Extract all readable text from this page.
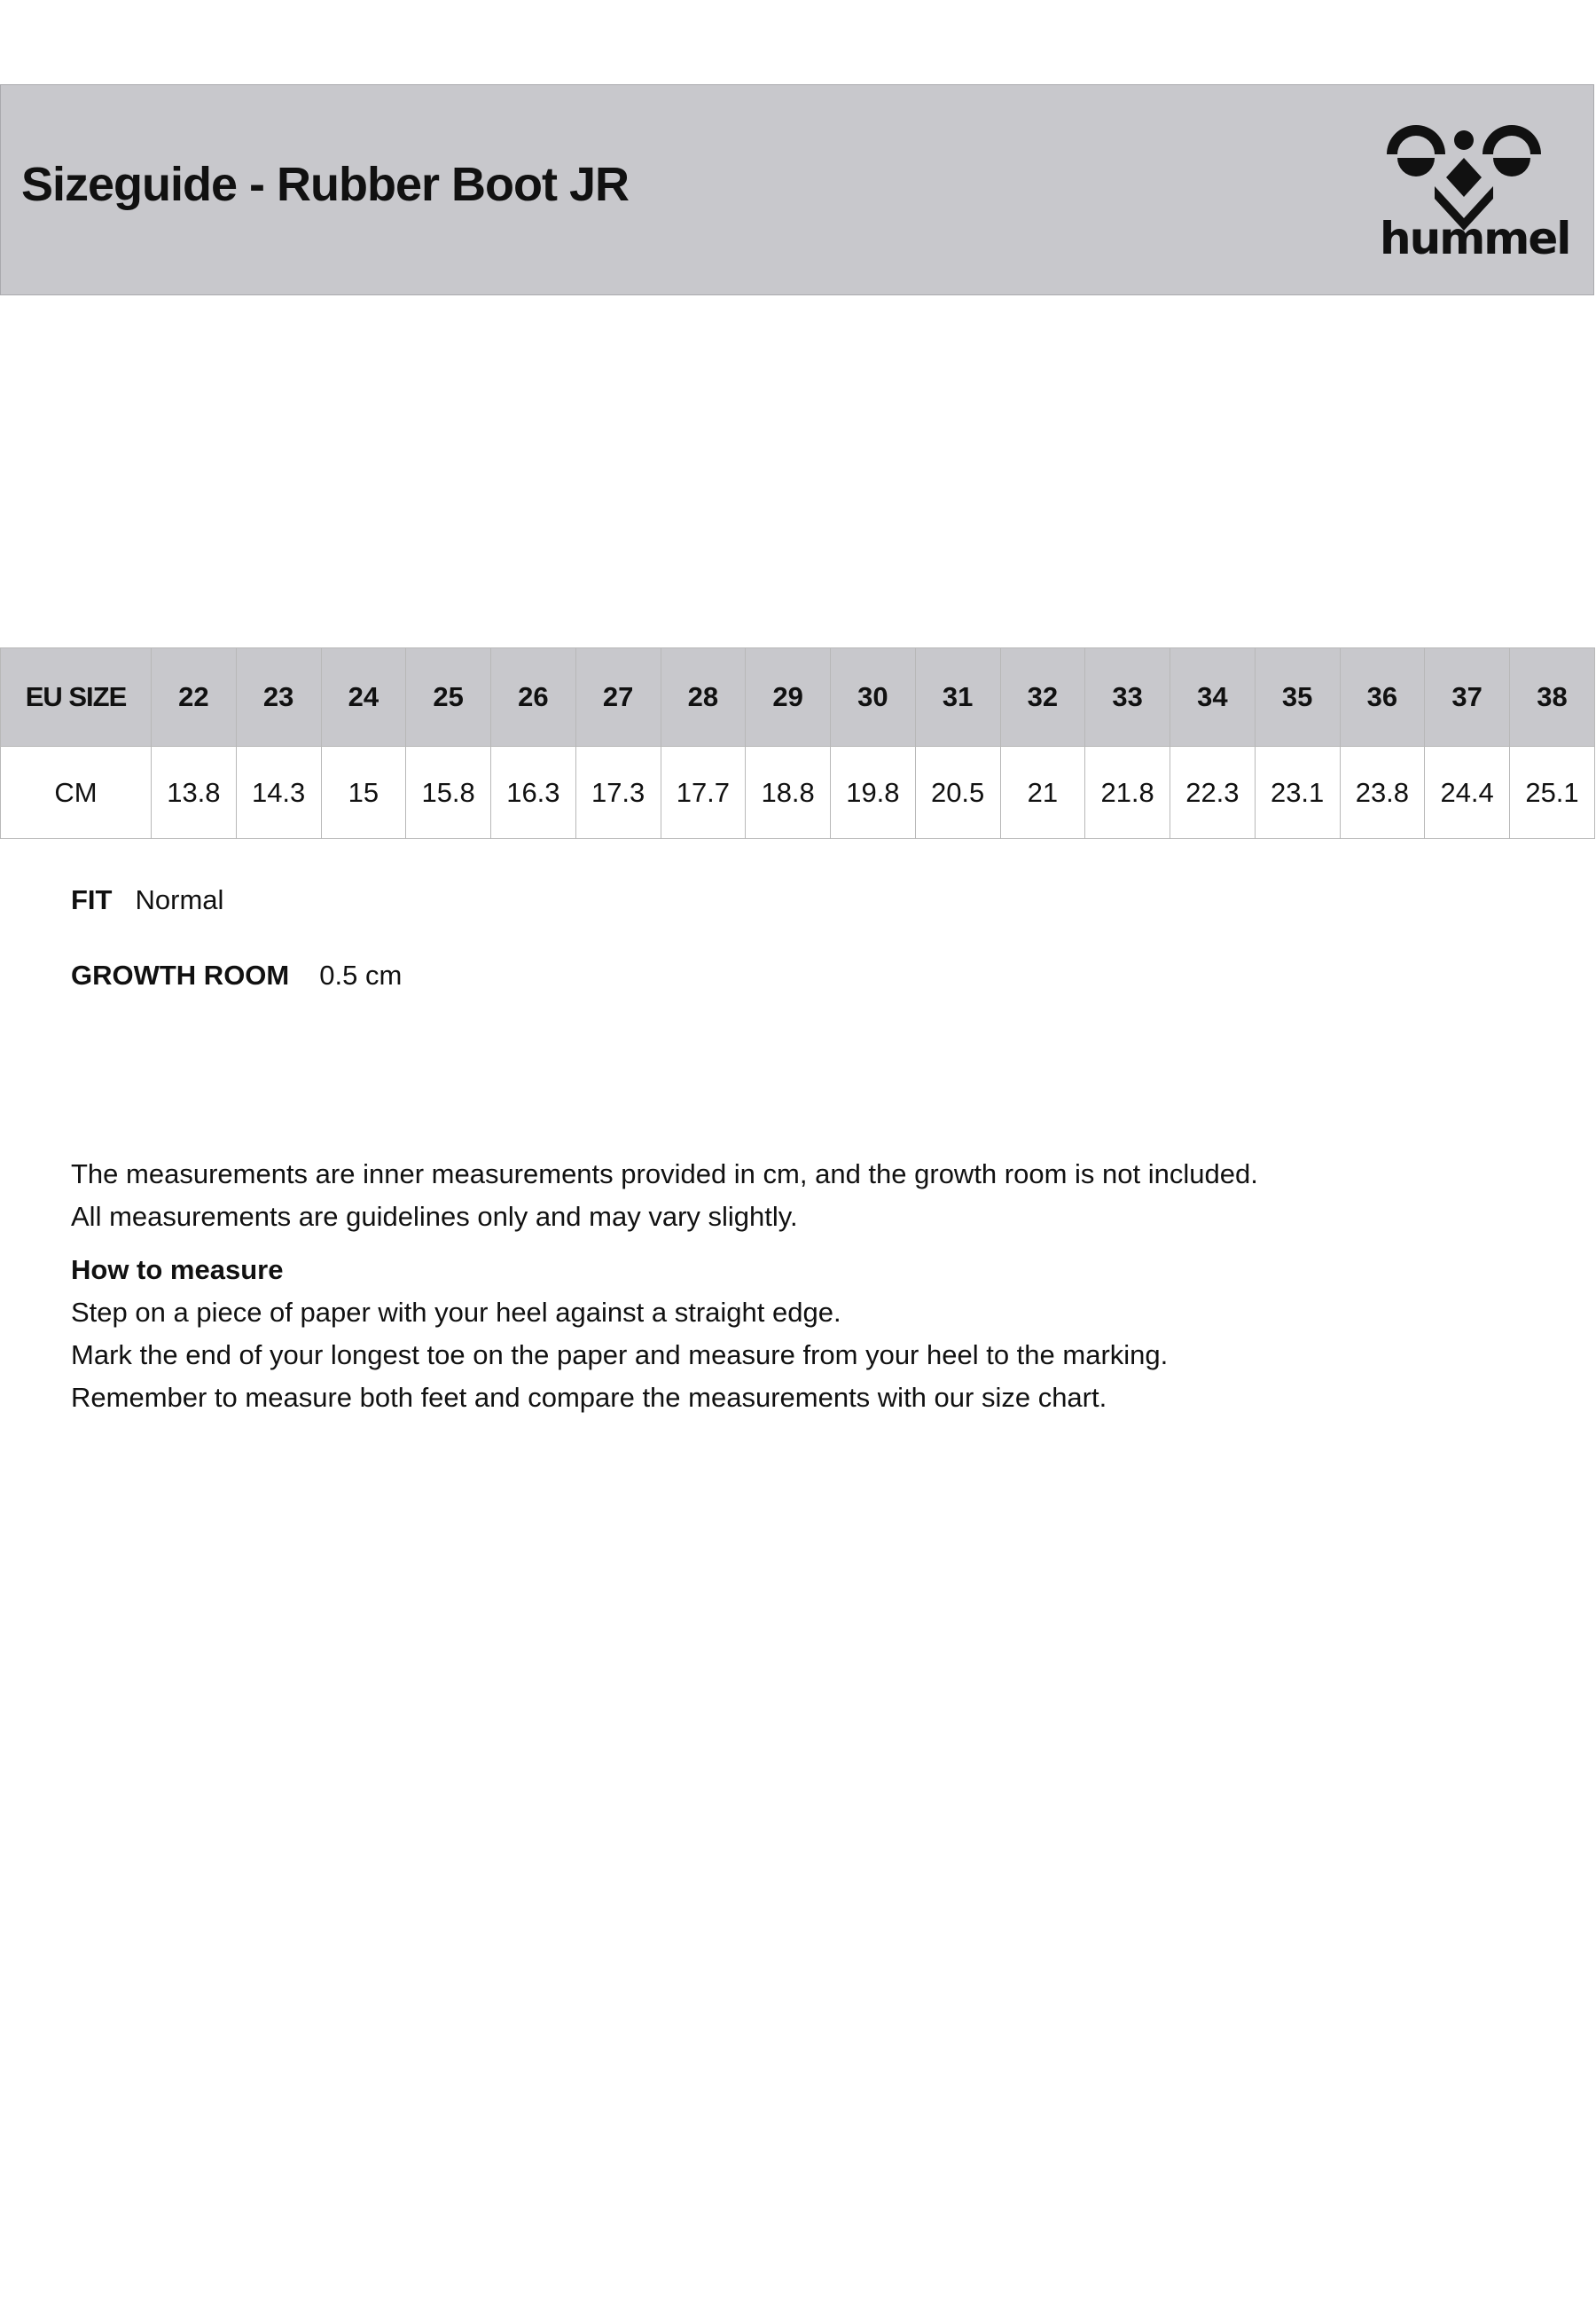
Sizeguide - Rubber Boot JR
hummel
EU SIZE	22	23	24	25	26	27	28	29	30	31	32	33	34	35	36	37	38
CM	13.8	14.3	15	15.8	16.3	17.3	17.7	18.8	19.8	20.5	21	21.8	22.3	23.1	23.8	24.4	25.1
FIT Normal
GROWTH ROOM 0.5 cm

The measurements are inner measurements provided in cm, and the growth room is not included.

All measurements are guidelines only and may vary slightly.

How to measure

Step on a piece of paper with your heel against a straight edge.

Mark the end of your longest toe on the paper and measure from your heel to the marking.

Remember to measure both feet and compare the measurements with our size chart.
